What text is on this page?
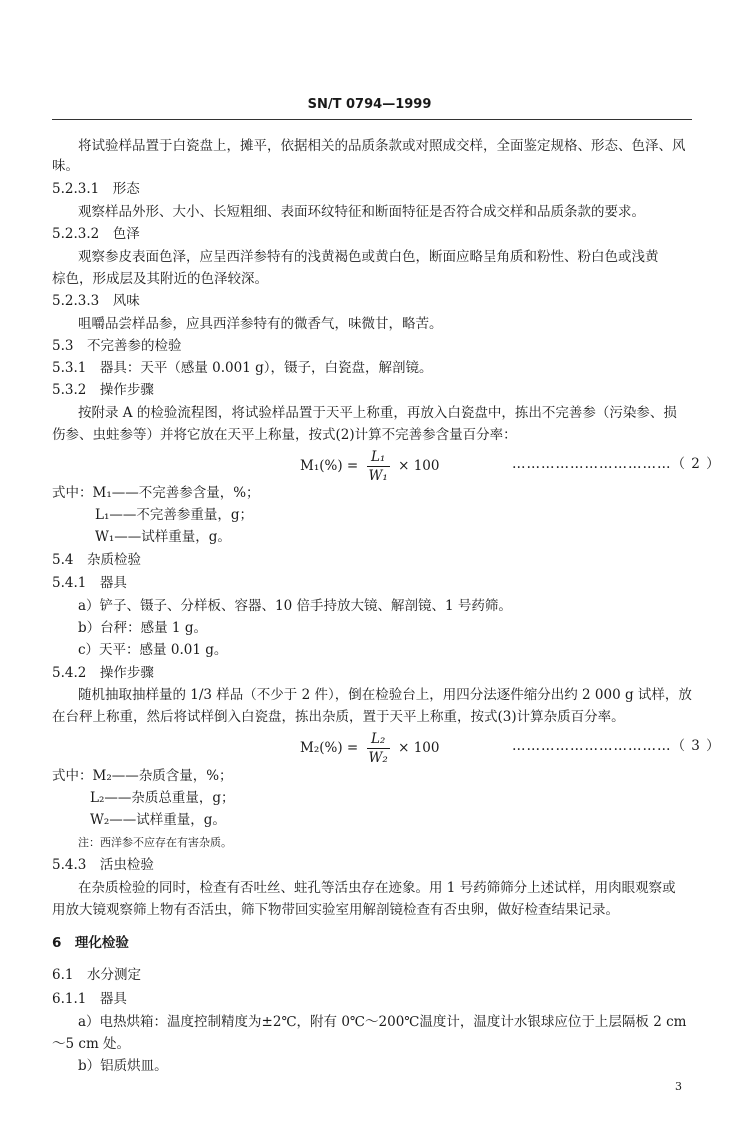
SN/T 0794—1999
将试验样品置于白瓷盘上，摊平，依据相关的品质条款或对照成交样，全面鉴定规格、形态、色泽、风
味。
5.2.3.1　形态
观察样品外形、大小、长短粗细、表面环纹特征和断面特征是否符合成交样和品质条款的要求。
5.2.3.2　色泽
观察参皮表面色泽，应呈西洋参特有的浅黄褐色或黄白色，断面应略呈角质和粉性、粉白色或浅黄
棕色，形成层及其附近的色泽较深。
5.2.3.3　风味
咀嚼品尝样品参，应具西洋参特有的微香气，味微甘，略苦。
5.3　不完善参的检验
5.3.1　器具：天平（感量 0.001 g），镊子，白瓷盘，解剖镜。
5.3.2　操作步骤
按附录 A 的检验流程图，将试验样品置于天平上称重，再放入白瓷盘中，拣出不完善参（污染参、损
伤参、虫蛀参等）并将它放在天平上称量，按式(2)计算不完善参含量百分率：
$M_1(\%) = \frac{\text{L₁}}{\text{W₁}} \times 100$	……………………………（ 2 ）
式中：M₁——不完善参含量，%；
L₁——不完善参重量，g；
W₁——试样重量，g。
5.4　杂质检验
5.4.1　器具
a）铲子、镊子、分样板、容器、10 倍手持放大镜、解剖镜、1 号药筛。
b）台秤：感量 1 g。
c）天平：感量 0.01 g。
5.4.2　操作步骤
随机抽取抽样量的 1/3 样品（不少于 2 件），倒在检验台上，用四分法逐件缩分出约 2 000 g 试样，放
在台秤上称重，然后将试样倒入白瓷盘，拣出杂质，置于天平上称重，按式(3)计算杂质百分率。
$M_2(\%) = \frac{\text{L₂}}{\text{W₂}} \times 100$	……………………………（ 3 ）
式中：M₂——杂质含量，%；
L₂——杂质总重量，g；
W₂——试样重量，g。
注：西洋参不应存在有害杂质。
5.4.3　活虫检验
在杂质检验的同时，检查有否吐丝、蛀孔等活虫存在迹象。用 1 号药筛筛分上述试样，用肉眼观察或
用放大镜观察筛上物有否活虫，筛下物带回实验室用解剖镜检查有否虫卵，做好检查结果记录。
6　理化检验
6.1　水分测定
6.1.1　器具
a）电热烘箱：温度控制精度为±2℃，附有 0℃～200℃温度计，温度计水银球应位于上层隔板 2 cm
～5 cm 处。
b）铝质烘皿。
3
